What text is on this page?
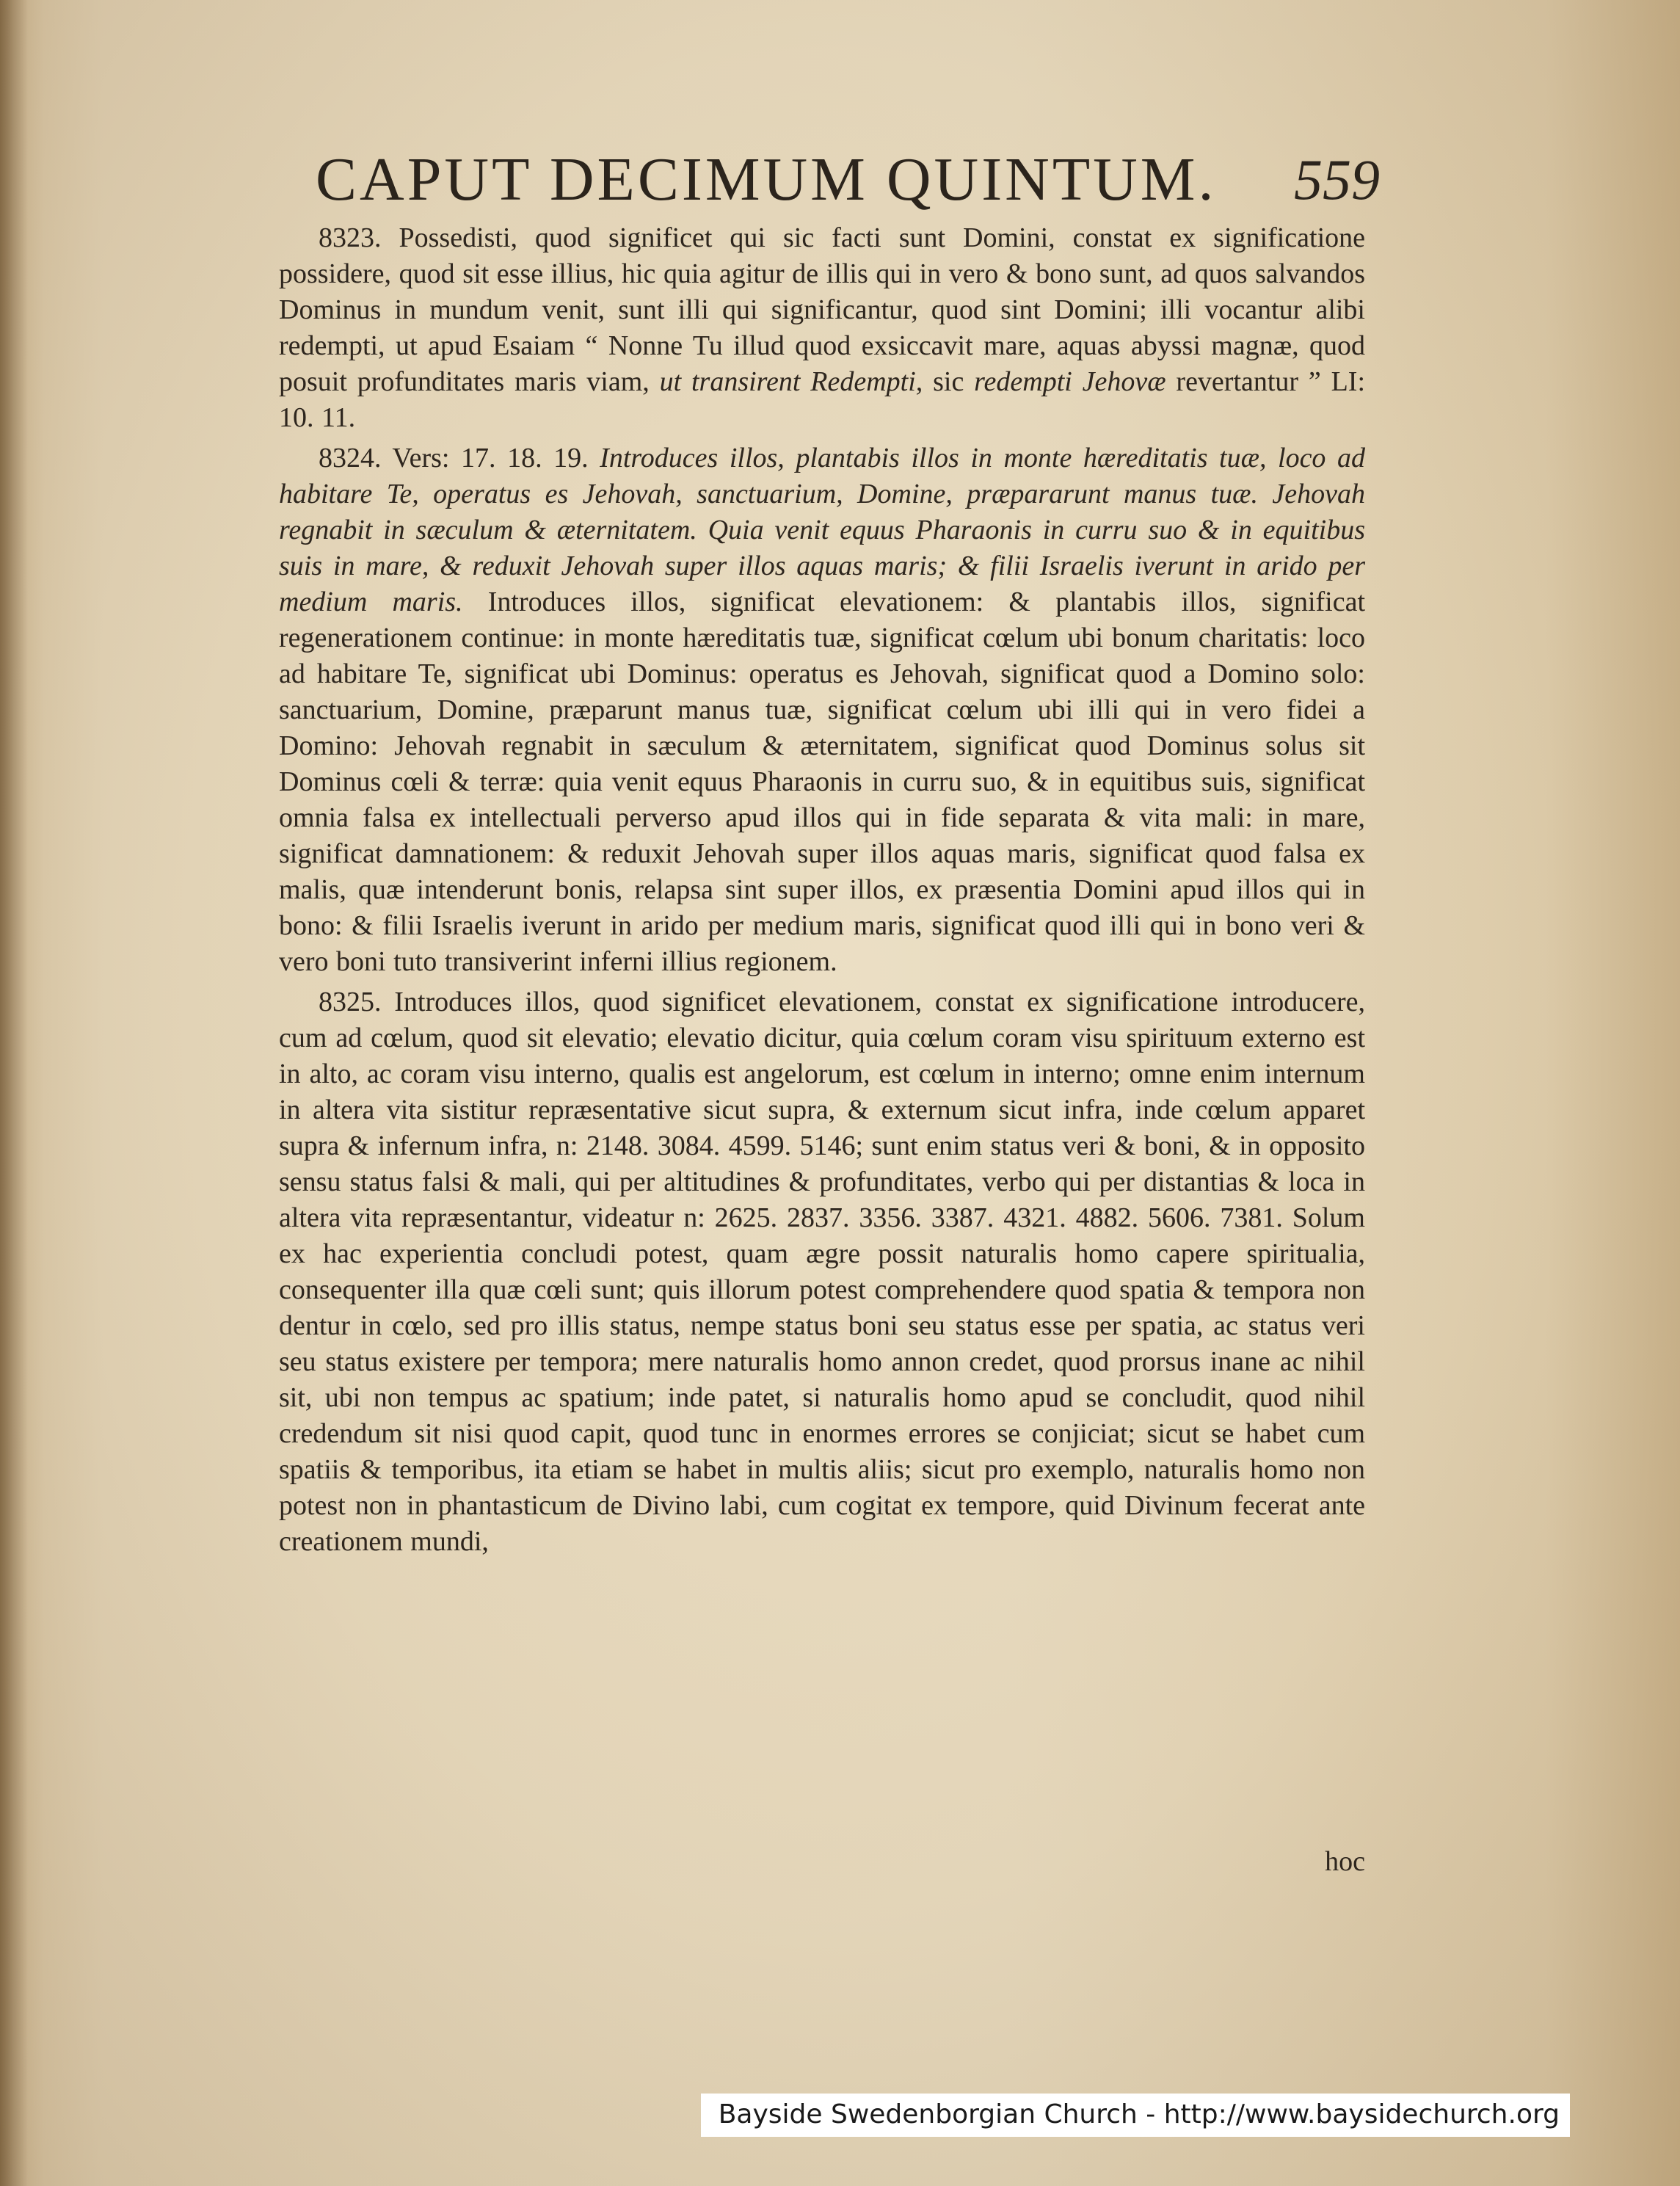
CAPUT DECIMUM QUINTUM. 559

8323. Possedisti, quod significet qui sic facti sunt Domini, constat ex significatione possidere, quod sit esse illius, hic quia agitur de illis qui in vero & bono sunt, ad quos salvandos Dominus in mundum venit, sunt illi qui significantur, quod sint Domini; illi vocantur alibi redempti, ut apud Esaiam “ Nonne Tu illud quod exsiccavit mare, aquas abyssi magnæ, quod posuit profunditates maris viam, ut transirent Redempti, sic redempti Jehovæ revertantur ” LI: 10. 11.

8324. Vers: 17. 18. 19. Introduces illos, plantabis illos in monte hæreditatis tuæ, loco ad habitare Te, operatus es Jehovah, sanctuarium, Domine, præpararunt manus tuæ. Jehovah regnabit in sæculum & æternitatem. Quia venit equus Pharaonis in curru suo & in equitibus suis in mare, & reduxit Jehovah super illos aquas maris; & filii Israelis iverunt in arido per medium maris. Introduces illos, significat elevationem: & plantabis illos, significat regenerationem continue: in monte hæreditatis tuæ, significat cœlum ubi bonum charitatis: loco ad habitare Te, significat ubi Dominus: operatus es Jehovah, significat quod a Domino solo: sanctuarium, Domine, præparunt manus tuæ, significat cœlum ubi illi qui in vero fidei a Domino: Jehovah regnabit in sæculum & æternitatem, significat quod Dominus solus sit Dominus cœli & terræ: quia venit equus Pharaonis in curru suo, & in equitibus suis, significat omnia falsa ex intellectuali perverso apud illos qui in fide separata & vita mali: in mare, significat damnationem: & reduxit Jehovah super illos aquas maris, significat quod falsa ex malis, quæ intenderunt bonis, relapsa sint super illos, ex præsentia Domini apud illos qui in bono: & filii Israelis iverunt in arido per medium maris, significat quod illi qui in bono veri & vero boni tuto transiverint inferni illius regionem.

8325. Introduces illos, quod significet elevationem, constat ex significatione introducere, cum ad cœlum, quod sit elevatio; elevatio dicitur, quia cœlum coram visu spirituum externo est in alto, ac coram visu interno, qualis est angelorum, est cœlum in interno; omne enim internum in altera vita sistitur repræsentative sicut supra, & externum sicut infra, inde cœlum apparet supra & infernum infra, n: 2148. 3084. 4599. 5146; sunt enim status veri & boni, & in opposito sensu status falsi & mali, qui per altitudines & profunditates, verbo qui per distantias & loca in altera vita repræsentantur, videatur n: 2625. 2837. 3356. 3387. 4321. 4882. 5606. 7381. Solum ex hac experientia concludi potest, quam ægre possit naturalis homo capere spiritualia, consequenter illa quæ cœli sunt; quis illorum potest comprehendere quod spatia & tempora non dentur in cœlo, sed pro illis status, nempe status boni seu status esse per spatia, ac status veri seu status existere per tempora; mere naturalis homo annon credet, quod prorsus inane ac nihil sit, ubi non tempus ac spatium; inde patet, si naturalis homo apud se concludit, quod nihil credendum sit nisi quod capit, quod tunc in enormes errores se conjiciat; sicut se habet cum spatiis & temporibus, ita etiam se habet in multis aliis; sicut pro exemplo, naturalis homo non potest non in phantasticum de Divino labi, cum cogitat ex tempore, quid Divinum fecerat ante creationem mundi,

hoc
Bayside Swedenborgian Church - http://www.baysidechurch.org
